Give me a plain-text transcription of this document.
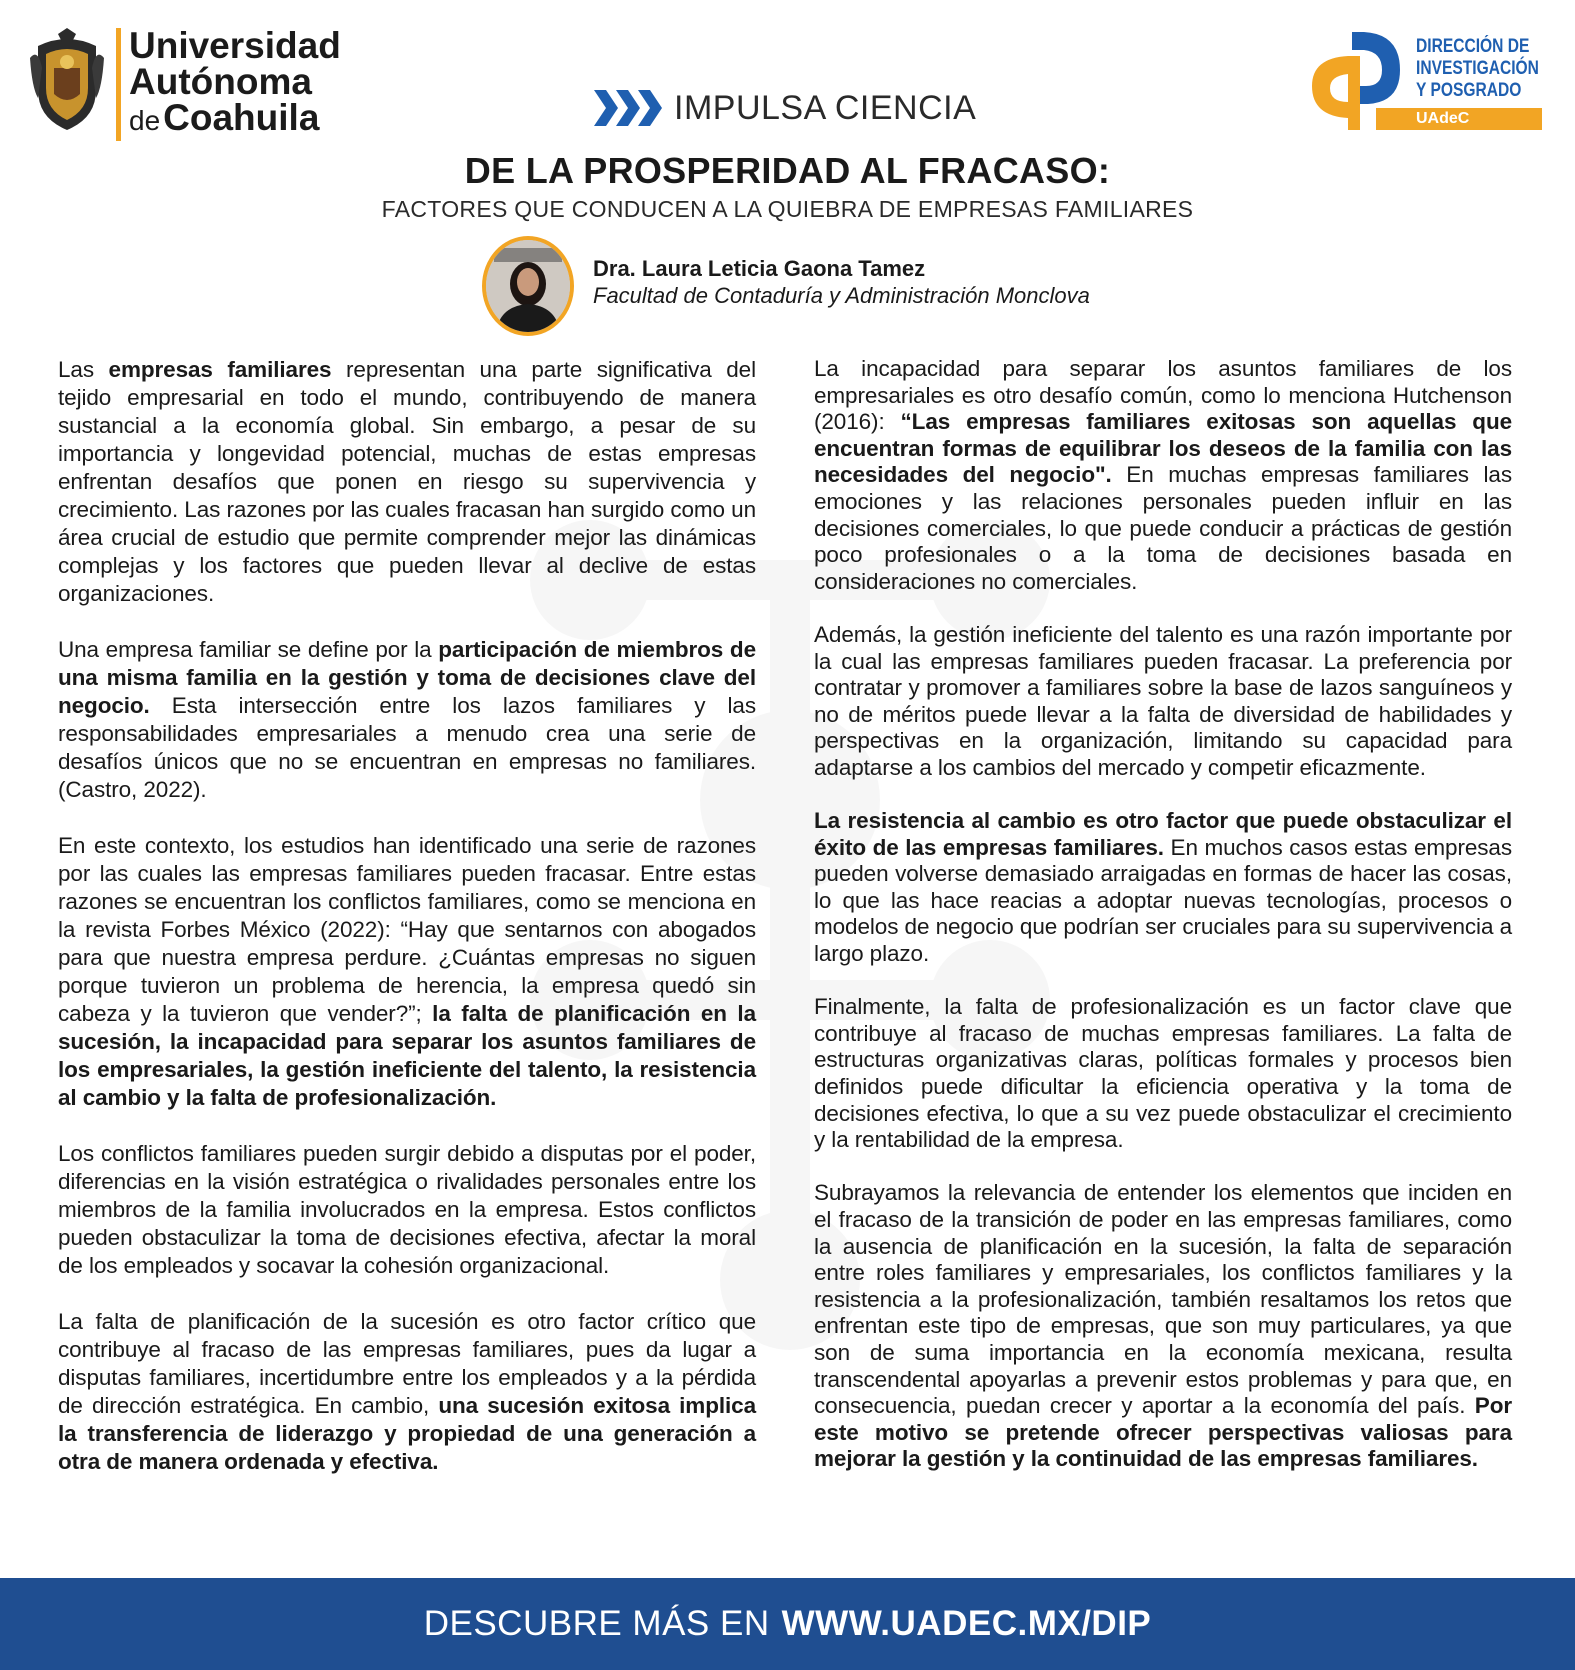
Universidad
Autónoma
deCoahuila	IMPULSA CIENCIA
DIRECCIÓN DE
INVESTIGACIÓN
Y POSGRADO
UAdeC
DE LA PROSPERIDAD AL FRACASO:
FACTORES QUE CONDUCEN A LA QUIEBRA DE EMPRESAS FAMILIARES
Dra. Laura Leticia Gaona Tamez
Facultad de Contaduría y Administración Monclova

Las empresas familiares representan una parte significativa del tejido empresarial en todo el mundo, contribuyendo de manera sustancial a la economía global. Sin embargo, a pesar de su importancia y longevidad potencial, muchas de estas empresas enfrentan desafíos que ponen en riesgo su supervivencia y crecimiento. Las razones por las cuales fracasan han surgido como un área crucial de estudio que permite comprender mejor las dinámicas complejas y los factores que pueden llevar al declive de estas organizaciones.

Una empresa familiar se define por la participación de miembros de una misma familia en la gestión y toma de decisiones clave del negocio. Esta intersección entre los lazos familiares y las responsabilidades empresariales a menudo crea una serie de desafíos únicos que no se encuentran en empresas no familiares. (Castro, 2022).

En este contexto, los estudios han identificado una serie de razones por las cuales las empresas familiares pueden fracasar. Entre estas razones se encuentran los conflictos familiares, como se menciona en la revista Forbes México (2022): “Hay que sentarnos con abogados para que nuestra empresa perdure. ¿Cuántas empresas no siguen porque tuvieron un problema de herencia, la empresa quedó sin cabeza y la tuvieron que vender?”; la falta de planificación en la sucesión, la incapacidad para separar los asuntos familiares de los empresariales, la gestión ineficiente del talento, la resistencia al cambio y la falta de profesionalización.

Los conflictos familiares pueden surgir debido a disputas por el poder, diferencias en la visión estratégica o rivalidades personales entre los miembros de la familia involucrados en la empresa. Estos conflictos pueden obstaculizar la toma de decisiones efectiva, afectar la moral de los empleados y socavar la cohesión organizacional.

La falta de planificación de la sucesión es otro factor crítico que contribuye al fracaso de las empresas familiares, pues da lugar a disputas familiares, incertidumbre entre los empleados y a la pérdida de dirección estratégica. En cambio, una sucesión exitosa implica la transferencia de liderazgo y propiedad de una generación a otra de manera ordenada y efectiva.

La incapacidad para separar los asuntos familiares de los empresariales es otro desafío común, como lo menciona Hutchenson (2016): “Las empresas familiares exitosas son aquellas que encuentran formas de equilibrar los deseos de la familia con las necesidades del negocio". En muchas empresas familiares las emociones y las relaciones personales pueden influir en las decisiones comerciales, lo que puede conducir a prácticas de gestión poco profesionales o a la toma de decisiones basada en consideraciones no comerciales.

Además, la gestión ineficiente del talento es una razón importante por la cual las empresas familiares pueden fracasar. La preferencia por contratar y promover a familiares sobre la base de lazos sanguíneos y no de méritos puede llevar a la falta de diversidad de habilidades y perspectivas en la organización, limitando su capacidad para adaptarse a los cambios del mercado y competir eficazmente.

La resistencia al cambio es otro factor que puede obstaculizar el éxito de las empresas familiares. En muchos casos estas empresas pueden volverse demasiado arraigadas en formas de hacer las cosas, lo que las hace reacias a adoptar nuevas tecnologías, procesos o modelos de negocio que podrían ser cruciales para su supervivencia a largo plazo.

Finalmente, la falta de profesionalización es un factor clave que contribuye al fracaso de muchas empresas familiares. La falta de estructuras organizativas claras, políticas formales y procesos bien definidos puede dificultar la eficiencia operativa y la toma de decisiones efectiva, lo que a su vez puede obstaculizar el crecimiento y la rentabilidad de la empresa.

Subrayamos la relevancia de entender los elementos que inciden en el fracaso de la transición de poder en las empresas familiares, como la ausencia de planificación en la sucesión, la falta de separación entre roles familiares y empresariales, los conflictos familiares y la resistencia a la profesionalización, también resaltamos los retos que enfrentan este tipo de empresas, que son muy particulares, ya que son de suma importancia en la economía mexicana, resulta transcendental apoyarlas a prevenir estos problemas y para que, en consecuencia, puedan crecer y aportar a la economía del país. Por este motivo se pretende ofrecer perspectivas valiosas para mejorar la gestión y la continuidad de las empresas familiares.

DESCUBRE MÁS EN WWW.UADEC.MX/DIP
